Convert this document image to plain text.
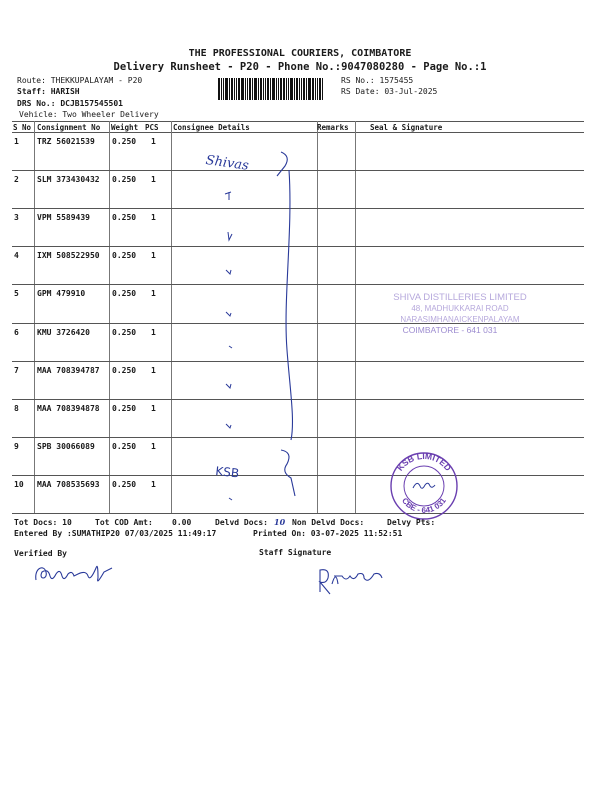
THE PROFESSIONAL COURIERS, COIMBATORE
Delivery Runsheet - P20 - Phone No.:9047080280 - Page No.:1
Route: THEKKUPALAYAM - P20
Staff: HARISH
DRS No.: DCJB157545501
Vehicle: Two Wheeler Delivery
RS No.: 1575455
RS Date: 03-Jul-2025
S No Consignment No Weight PCS Consignee Details	Remarks	Seal & Signature
1 TRZ 56021539 0.250 1
2 SLM 373430432 0.250 1
3 VPM 5589439	0.250 1
4 IXM 508522950 0.250 1
5 GPM 479910	0.250 1
6 KMU 3726420	0.250 1
7 MAA 708394787 0.250 1
8 MAA 708394878 0.250 1
9 SPB 30066089 0.250 1
10 MAA 708535693 0.250 1
SHIVA DISTILLERIES LIMITED
48, MADHUKKARAI ROAD
NARASIMHANAICKENPALAYAM
COIMBATORE - 641 031
KSB LIMITED
CBE - 641 031
Shivas
KSB
Tot Docs: 10	Tot COD Amt: 0.00	Delvd Docs: 10 Non Delvd Docs:	Delvy Pts:
Entered By :SUMATHIP20 07/03/2025 11:49:17	Printed On: 03-07-2025 11:52:51
Verified By	Staff Signature
